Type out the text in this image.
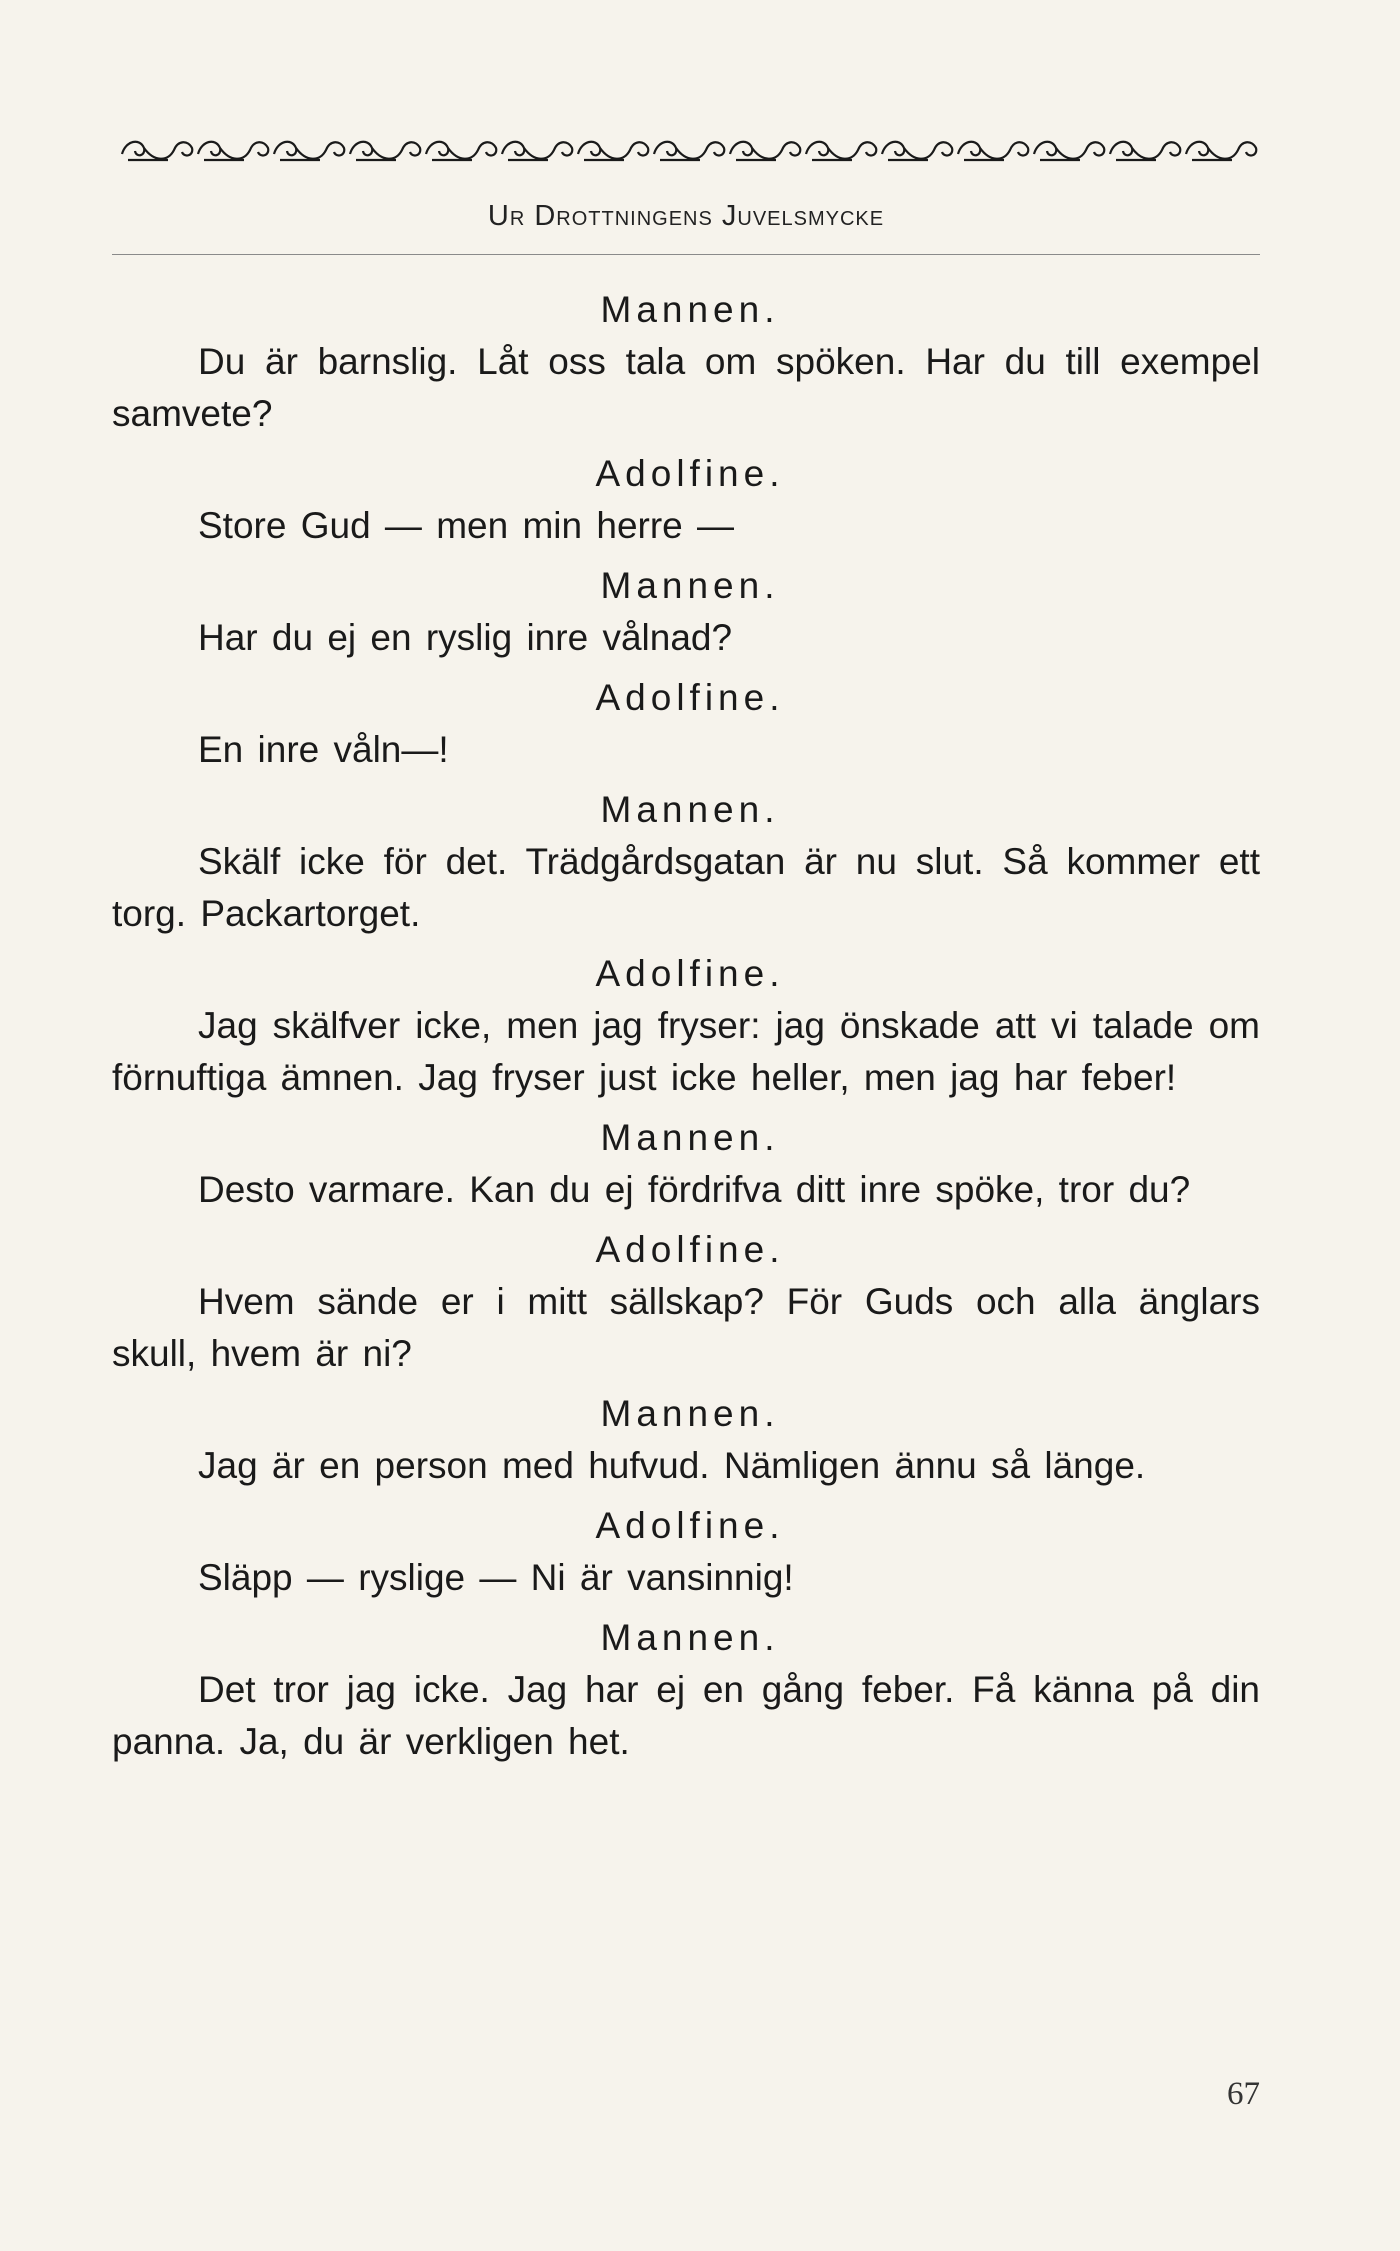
Ur Drottningens Juvelsmycke

Mannen.

Du är barnslig. Låt oss tala om spöken. Har du till exempel samvete?

Adolfine.

Store Gud — men min herre —

Mannen.

Har du ej en ryslig inre vålnad?

Adolfine.

En inre våln—!

Mannen.

Skälf icke för det. Trädgårdsgatan är nu slut. Så kommer ett torg. Packartorget.

Adolfine.

Jag skälfver icke, men jag fryser: jag önskade att vi talade om förnuftiga ämnen. Jag fryser just icke heller, men jag har feber!

Mannen.

Desto varmare. Kan du ej fördrifva ditt inre spöke, tror du?

Adolfine.

Hvem sände er i mitt sällskap? För Guds och alla änglars skull, hvem är ni?

Mannen.

Jag är en person med hufvud. Nämligen ännu så länge.

Adolfine.

Släpp — ryslige — Ni är vansinnig!

Mannen.

Det tror jag icke. Jag har ej en gång feber. Få känna på din panna. Ja, du är verkligen het.

67
